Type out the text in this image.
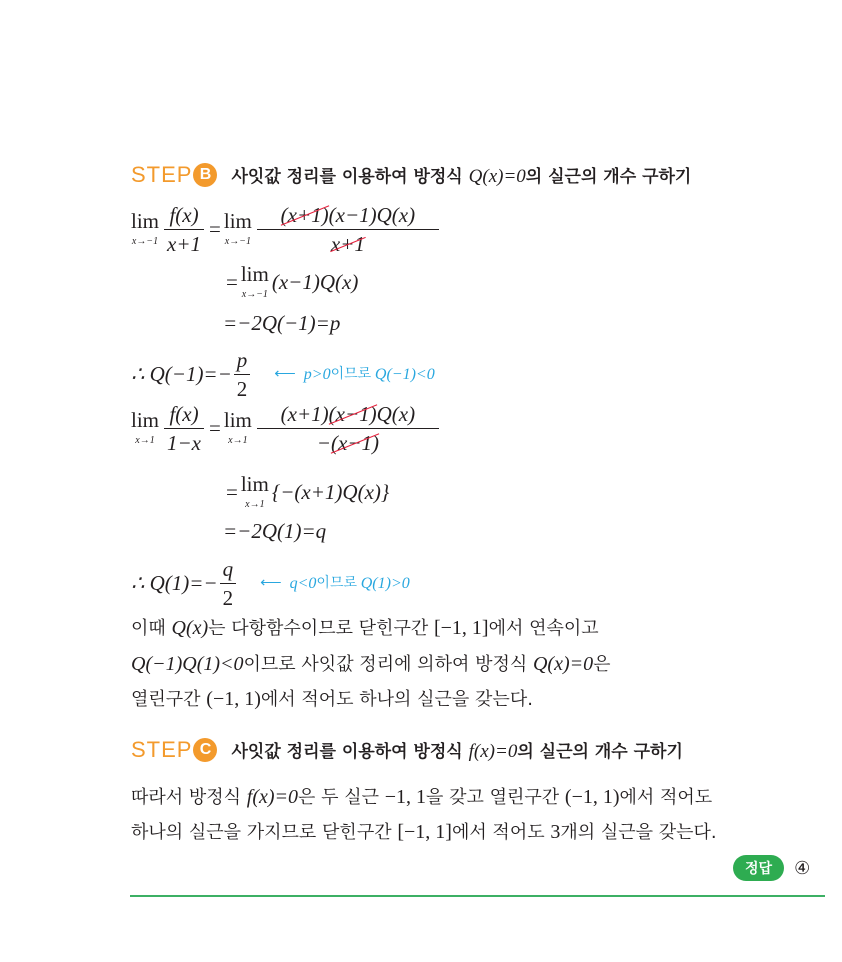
STEP B	사잇값 정리를 이용하여 방정식 Q(x)=0의 실근의 개수 구하기
lim
$x\to-1 \frac{f(x)}{x+1} = \lim$
$x\to-1 \frac{(x+1)(x-1)Q(x)}{x+1}$
= lim
x→−1
(x−1)Q(x)
=−2Q(−1)=p
∴ $Q(-1)=- \frac{p}{2}$ ⟵ p>0 이므로
Q(−1)<0
lim
$x\to 1 \frac{f(x)}{1-x} = \lim$
$x\to 1 \frac{(x+1)(x-1)Q(x)}{-(x-1)}$
= lim
x→1
{−(x+1)Q(x)}
=−2Q(1)=q
∴ $Q(1)=- \frac{q}{2}$ ⟵ q<0 이므로
Q(1)>0
이때 Q(x)는 다항함수이므로 닫힌구간 [−1, 1]에서 연속이고
Q(−1)Q(1)<0이므로 사잇값 정리에 의하여 방정식 Q(x)=0은
열린구간 (−1, 1)에서 적어도 하나의 실근을 갖는다.
STEP C	사잇값 정리를 이용하여 방정식 f(x)=0의 실근의 개수 구하기
따라서 방정식 f(x)=0은 두 실근 −1, 1을 갖고 열린구간 (−1, 1)에서 적어도
하나의 실근을 가지므로 닫힌구간 [−1, 1]에서 적어도 3개의 실근을 갖는다.
정답	④
